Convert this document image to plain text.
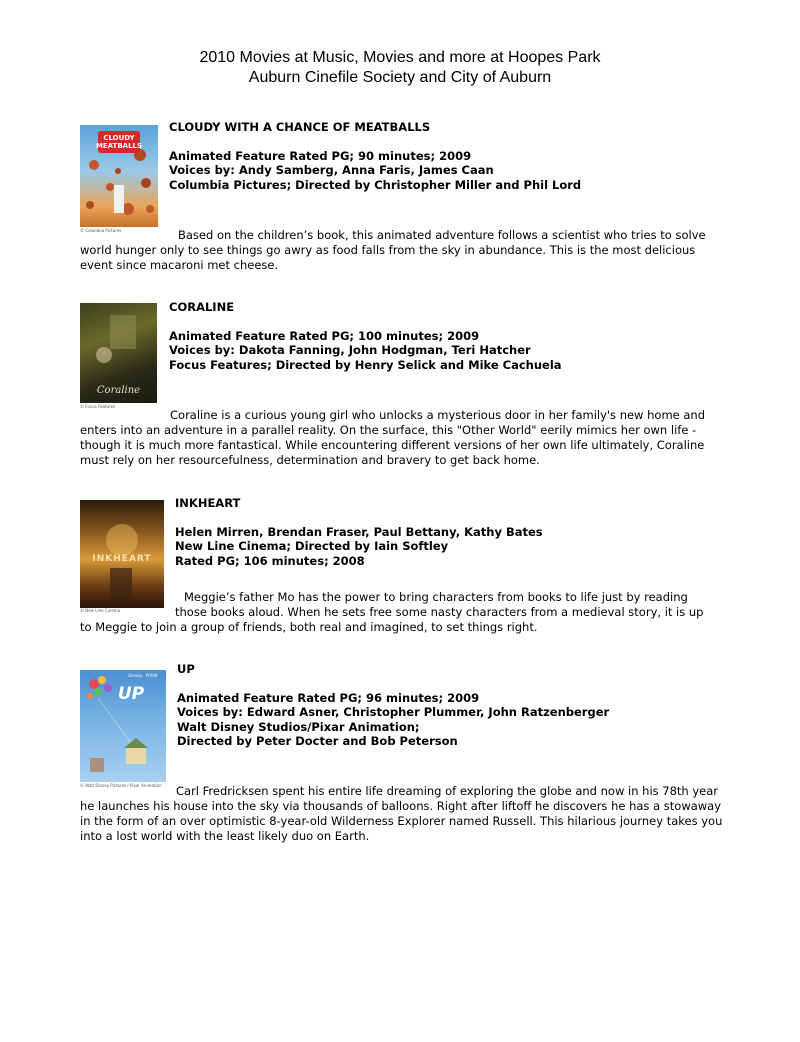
2010 Movies at Music, Movies and more at Hoopes Park
Auburn Cinefile Society and City of Auburn
CLOUDY MEATBALLS
© Columbia Pictures
CLOUDY WITH A CHANCE OF MEATBALLS
Animated Feature Rated PG; 90 minutes; 2009
Voices by: Andy Samberg, Anna Faris, James Caan
Columbia Pictures; Directed by Christopher Miller and Phil Lord
Based on the children’s book, this animated adventure follows a scientist who tries to solve world hunger only to see things go awry as food falls from the sky in abundance. This is the most delicious event since macaroni met cheese.
Coraline
© Focus Features
CORALINE
Animated Feature Rated PG; 100 minutes; 2009
Voices by: Dakota Fanning, John Hodgman, Teri Hatcher
Focus Features; Directed by Henry Selick and Mike Cachuela
Coraline is a curious young girl who unlocks a mysterious door in her family's new home and enters into an adventure in a parallel reality. On the surface, this "Other World" eerily mimics her own life - though it is much more fantastical. While encountering different versions of her own life ultimately, Coraline must rely on her resourcefulness, determination and bravery to get back home.
INKHEART
© New Line Cinema
INKHEART
Helen Mirren, Brendan Fraser, Paul Bettany, Kathy Bates
New Line Cinema; Directed by Iain Softley
Rated PG; 106 minutes; 2008
Meggie’s father Mo has the power to bring characters from books to life just by reading
those books aloud. When he sets free some nasty characters from a medieval story, it is up
to Meggie to join a group of friends, both real and imagined, to set things right.
UP
Disney · PIXAR
© Walt Disney Pictures / Pixar Animation
UP
Animated Feature Rated PG; 96 minutes; 2009
Voices by: Edward Asner, Christopher Plummer, John Ratzenberger
Walt Disney Studios/Pixar Animation;
Directed by Peter Docter and Bob Peterson
Carl Fredricksen spent his entire life dreaming of exploring the globe and now in his 78th year he launches his house into the sky via thousands of balloons. Right after liftoff he discovers he has a stowaway in the form of an over optimistic 8-year-old Wilderness Explorer named Russell. This hilarious journey takes you into a lost world with the least likely duo on Earth.
